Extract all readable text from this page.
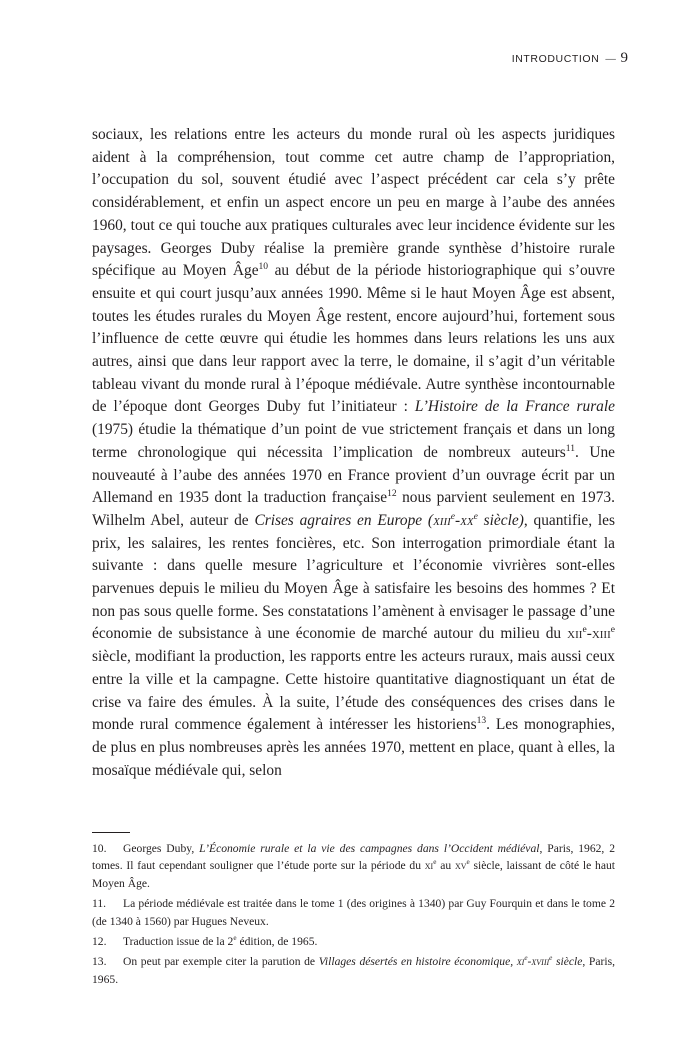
INTRODUCTION — 9

sociaux, les relations entre les acteurs du monde rural où les aspects juridiques aident à la compréhension, tout comme cet autre champ de l’appropriation, l’occupation du sol, souvent étudié avec l’aspect précédent car cela s’y prête considérablement, et enfin un aspect encore un peu en marge à l’aube des années 1960, tout ce qui touche aux pratiques culturales avec leur incidence évidente sur les paysages. Georges Duby réalise la première grande synthèse d’histoire rurale spécifique au Moyen Âge$^{10}$ au début de la période historiographique qui s’ouvre ensuite et qui court jusqu’aux années 1990. Même si le haut Moyen Âge est absent, toutes les études rurales du Moyen Âge restent, encore aujourd’hui, fortement sous l’influence de cette œuvre qui étudie les hommes dans leurs relations les uns aux autres, ainsi que dans leur rapport avec la terre, le domaine, il s’agit d’un véritable tableau vivant du monde rural à l’époque médiévale. Autre synthèse incontournable de l’époque dont Georges Duby fut l’initiateur : L’Histoire de la France rurale (1975) étudie la thématique d’un point de vue strictement français et dans un long terme chronologique qui nécessita l’implication de nombreux auteurs$^{11}$. Une nouveauté à l’aube des années 1970 en France provient d’un ouvrage écrit par un Allemand en 1935 dont la traduction française$^{12}$ nous parvient seulement en 1973. Wilhelm Abel, auteur de Crises agraires en Europe ($xiii^e-xx^e$ siècle), quantifie, les prix, les salaires, les rentes foncières, etc. Son interrogation primordiale étant la suivante : dans quelle mesure l’agriculture et l’économie vivrières sont-elles parvenues depuis le milieu du Moyen Âge à satisfaire les besoins des hommes ? Et non pas sous quelle forme. Ses constatations l’amènent à envisager le passage d’une économie de subsistance à une économie de marché autour du milieu du xii$^e$-xiii$^e$ siècle, modifiant la production, les rapports entre les acteurs ruraux, mais aussi ceux entre la ville et la campagne. Cette histoire quantitative diagnostiquant un état de crise va faire des émules. À la suite, l’étude des conséquences des crises dans le monde rural commence également à intéresser les historiens$^{13}$. Les monographies, de plus en plus nombreuses après les années 1970, mettent en place, quant à elles, la mosaïque médiévale qui, selon

10. Georges Duby, L’Économie rurale et la vie des campagnes dans l’Occident médiéval, Paris, 1962, 2 tomes. Il faut cependant souligner que l’étude porte sur la période du $xi^e$ au $xv^e$ siècle, laissant de côté le haut Moyen Âge.

11. La période médiévale est traitée dans le tome 1 (des origines à 1340) par Guy Fourquin et dans le tome 2 (de 1340 à 1560) par Hugues Neveux.

12. Traduction issue de la 2e édition, de 1965.

13. On peut par exemple citer la parution de Villages désertés en histoire économique, $xi^e-xviii^e$ siècle, Paris, 1965.
